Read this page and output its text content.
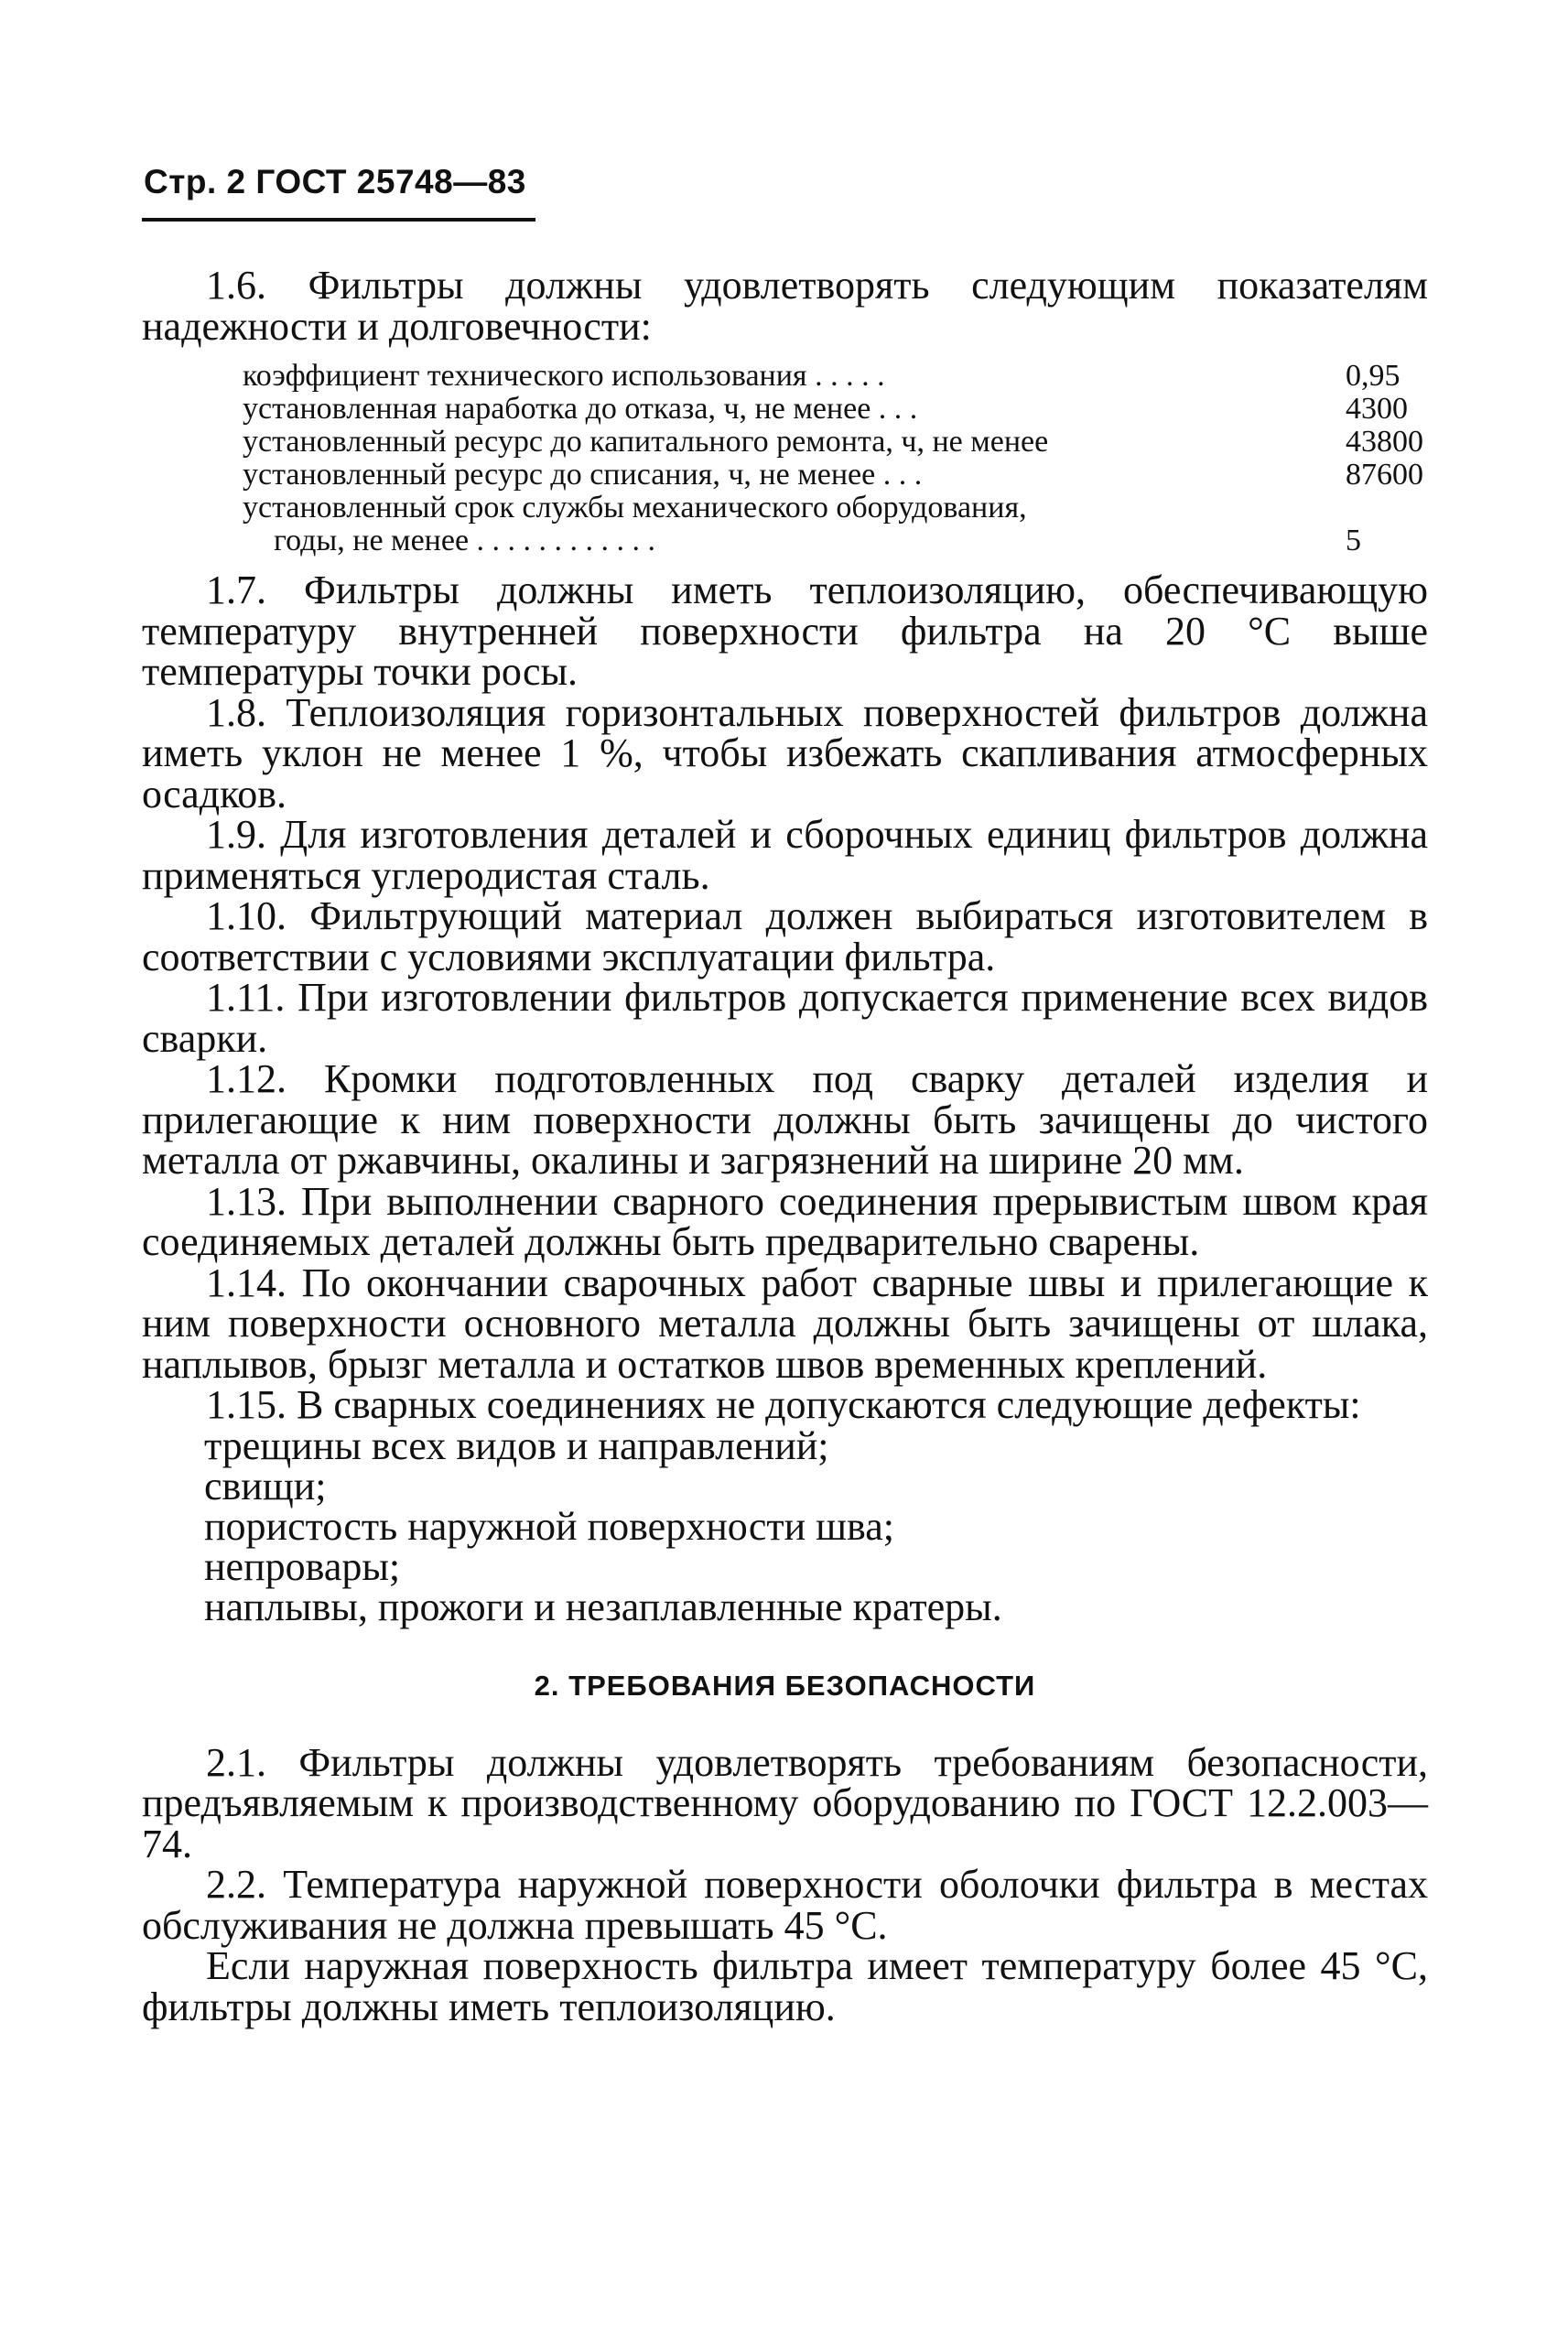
Стр. 2 ГОСТ 25748—83

1.6. Фильтры должны удовлетворять следующим показателям надежности и долговечности:

коэффициент технического использования . . . . .	0,95
установленная наработка до отказа, ч, не менее . . .	4300
установленный ресурс до капитального ремонта, ч, не менее	43800
установленный ресурс до списания, ч, не менее . . .	87600
установленный срок службы механического оборудования,
годы, не менее . . . . . . . . . . . .	5

1.7. Фильтры должны иметь теплоизоляцию, обеспечивающую температуру внутренней поверхности фильтра на 20 °С выше температуры точки росы.

1.8. Теплоизоляция горизонтальных поверхностей фильтров должна иметь уклон не менее 1 %, чтобы избежать скапливания атмосферных осадков.

1.9. Для изготовления деталей и сборочных единиц фильтров должна применяться углеродистая сталь.

1.10. Фильтрующий материал должен выбираться изготовителем в соответствии с условиями эксплуатации фильтра.

1.11. При изготовлении фильтров допускается применение всех видов сварки.

1.12. Кромки подготовленных под сварку деталей изделия и прилегающие к ним поверхности должны быть зачищены до чистого металла от ржавчины, окалины и загрязнений на ширине 20 мм.

1.13. При выполнении сварного соединения прерывистым швом края соединяемых деталей должны быть предварительно сварены.

1.14. По окончании сварочных работ сварные швы и прилегающие к ним поверхности основного металла должны быть зачищены от шлака, наплывов, брызг металла и остатков швов временных креплений.

1.15. В сварных соединениях не допускаются следующие дефекты:

трещины всех видов и направлений;

свищи;

пористость наружной поверхности шва;

непровары;

наплывы, прожоги и незаплавленные кратеры.

2. ТРЕБОВАНИЯ БЕЗОПАСНОСТИ

2.1. Фильтры должны удовлетворять требованиям безопасности, предъявляемым к производственному оборудованию по ГОСТ 12.2.003—74.

2.2. Температура наружной поверхности оболочки фильтра в местах обслуживания не должна превышать 45 °С.

Если наружная поверхность фильтра имеет температуру более 45 °С, фильтры должны иметь теплоизоляцию.
